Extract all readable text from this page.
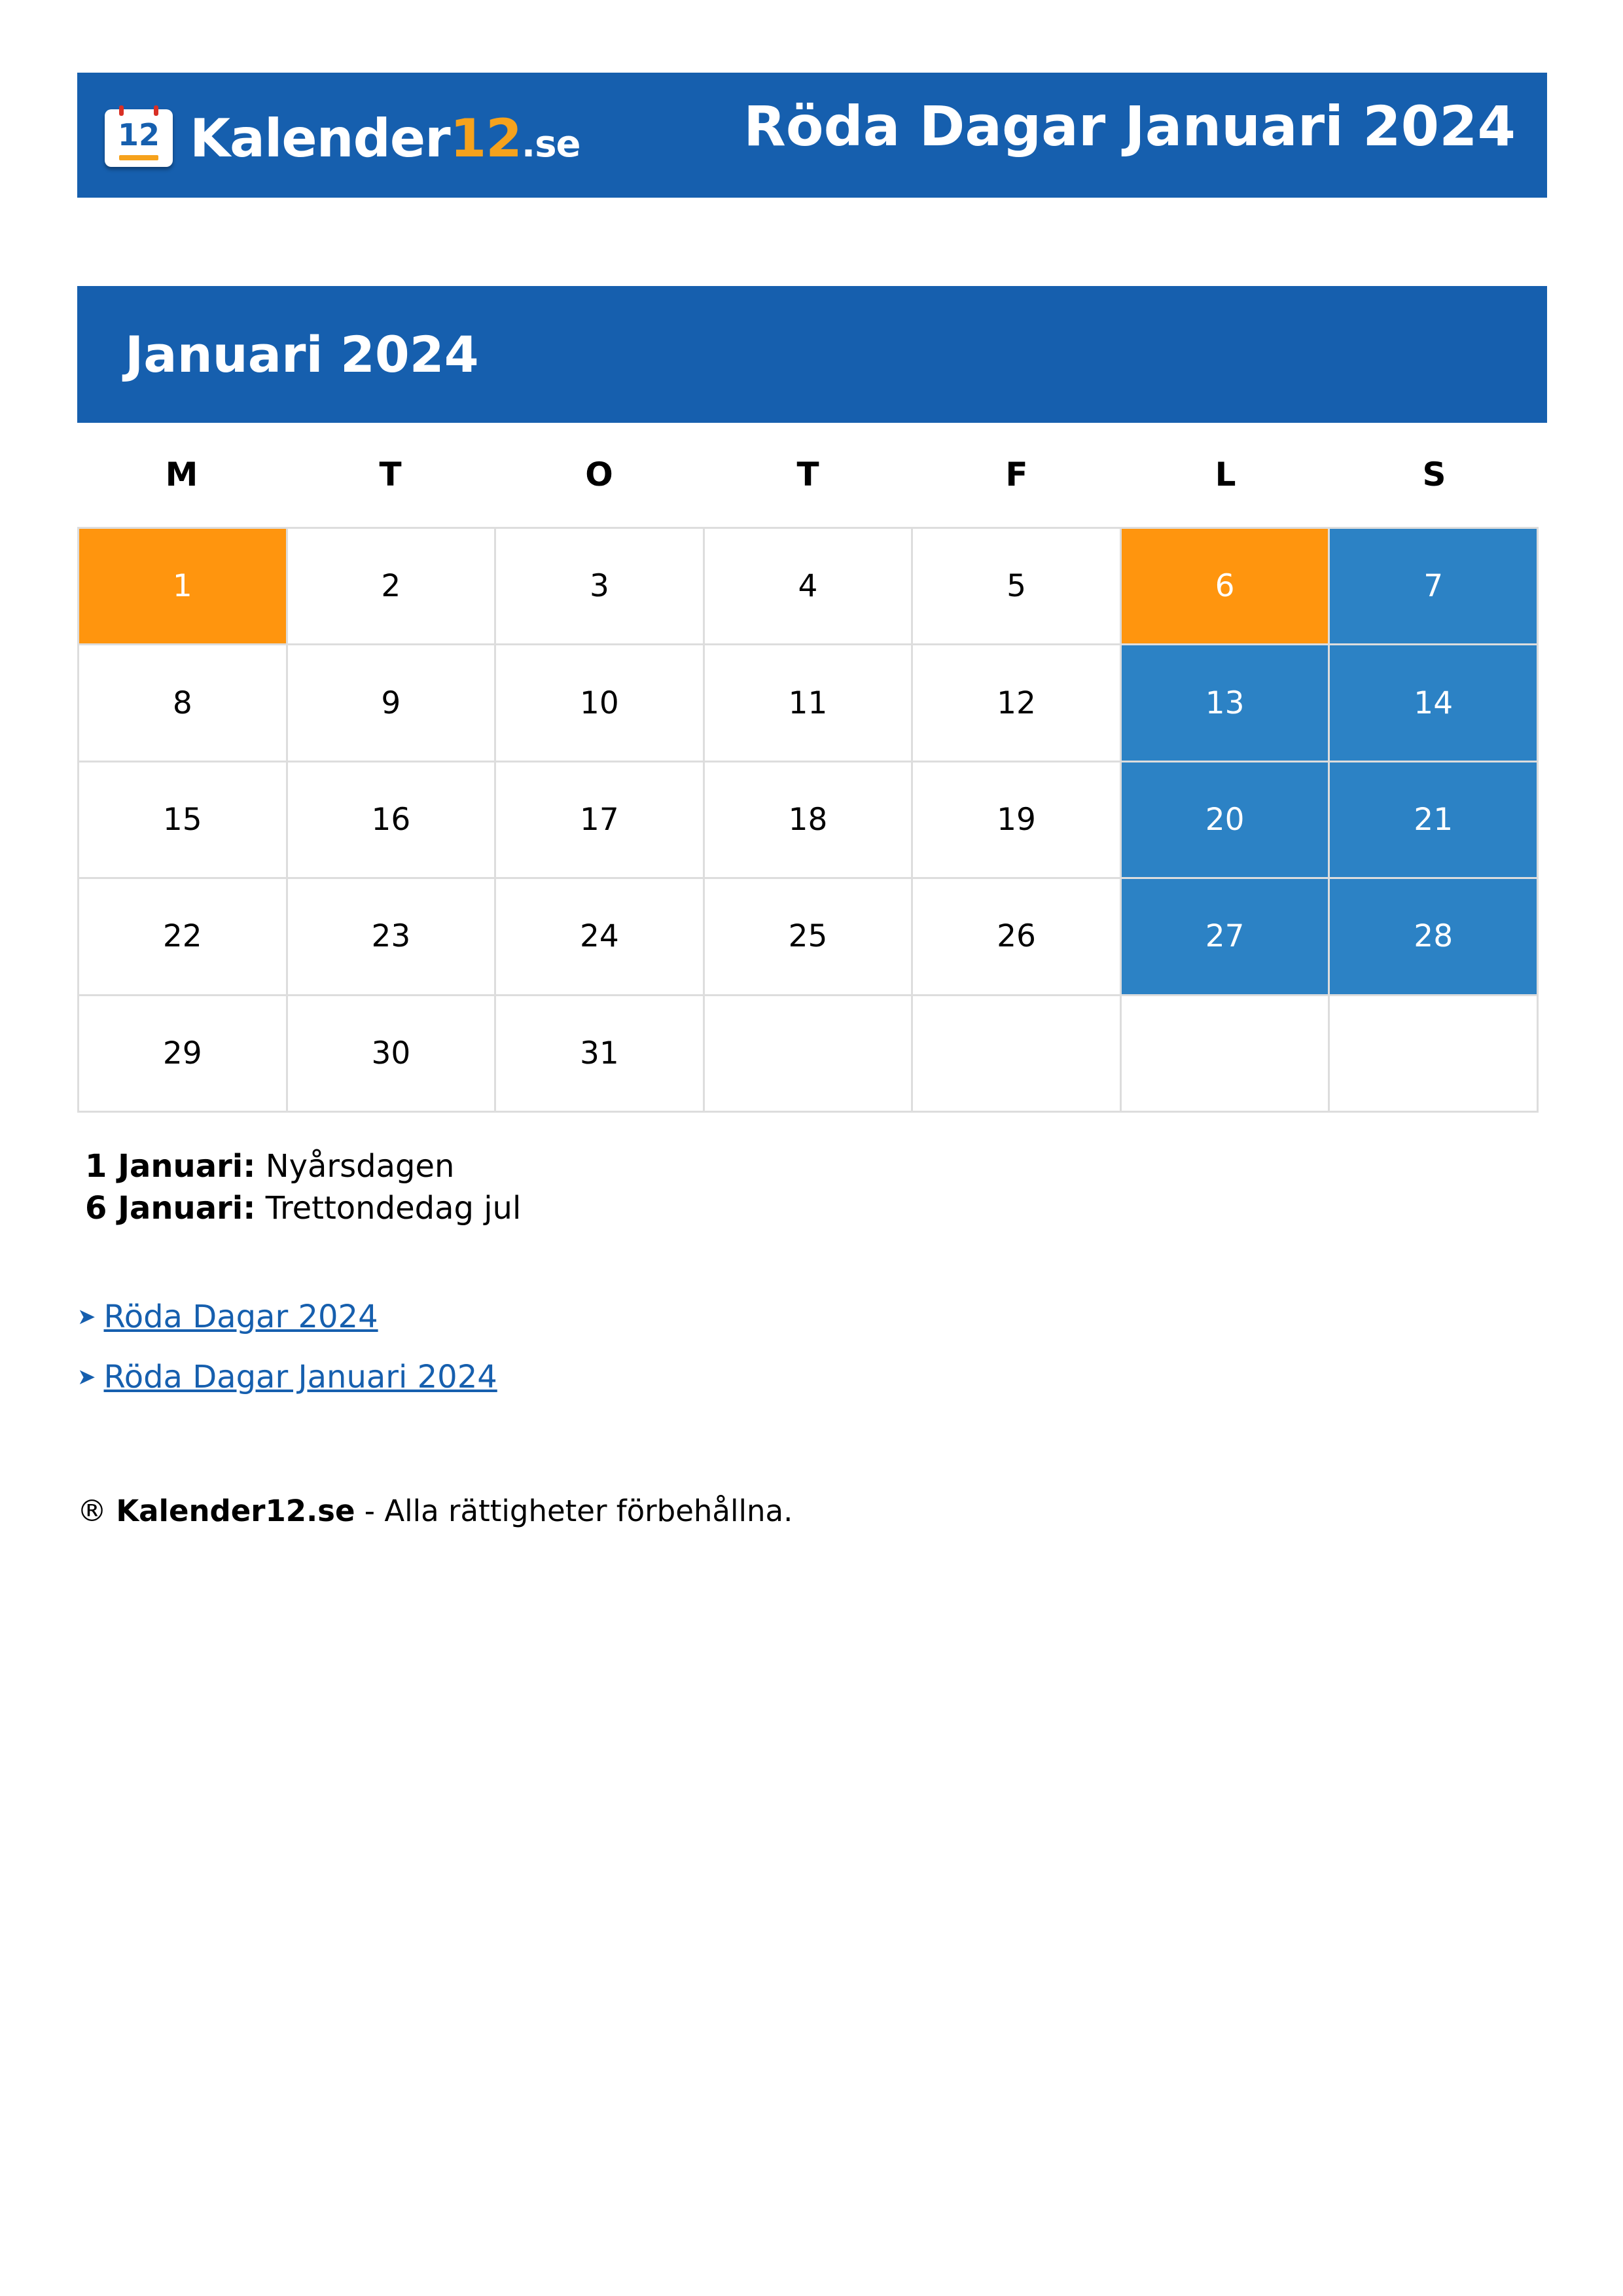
12 Kalender12.se	Röda Dagar Januari 2024
Januari 2024
M	T	O	T	F	L	S
1	2	3	4	5	6	7
8	9	10	11	12	13	14
15	16	17	18	19	20	21
22	23	24	25	26	27	28
29	30	31
1 Januari: Nyårsdagen
6 Januari: Trettondedag jul
➤ Röda Dagar 2024
➤ Röda Dagar Januari 2024
® Kalender12.se - Alla rättigheter förbehållna.
